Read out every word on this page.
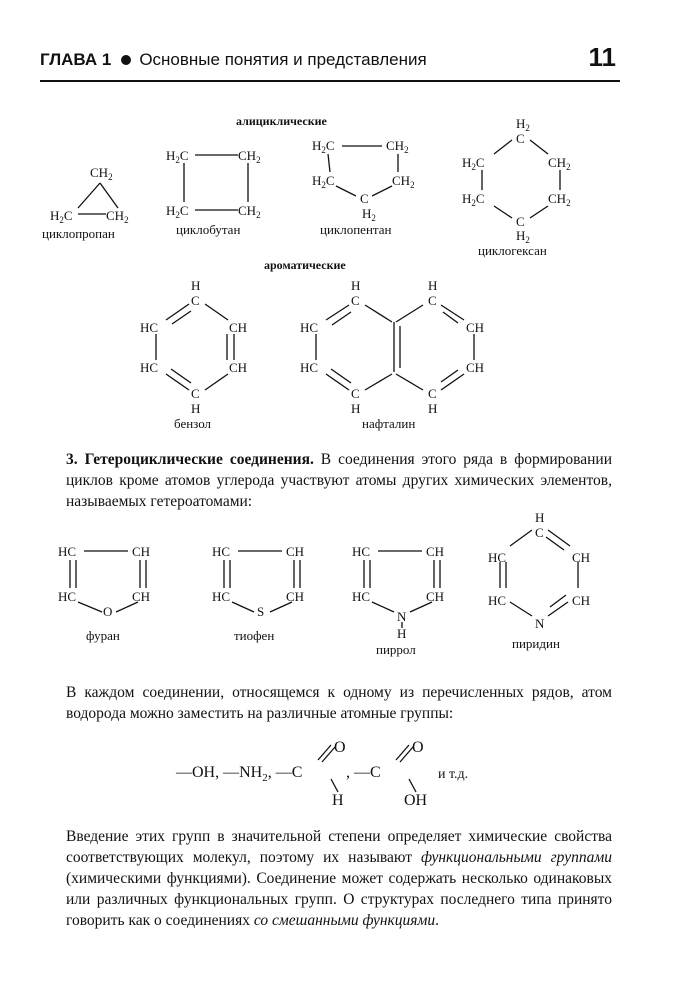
ГЛАВА 1 Основные понятия и представления	11
алициклические
ароматические
$CH_2$
$H_2C$	$CH_2$
$H_2C$	$CH_2$
$H_2C$	$CH_2$
$H_2C$	$CH_2$
$H_2C$	$CH_2$
C
$H_2$
$H_2$
C
$H_2C$	$CH_2$
$H_2C$	$CH_2$
C
$H_2$
H
C
HC	CH
HC	CH
C
H
H
C
H
C
HC	CH
HC	CH
C
H
C
H
HC	CH
HC	CH
O
HC	CH
HC	CH
S
HC	CH
HC	CH
N
H
H
C
HC	CH
HC	CH
N
—OH, $—NH_2$, —C
O
H
, —C
O
OH
циклопропан	циклобутан	циклопентан
циклогексан
бензол	нафталин
фуран	тиофен
пиррол	пиридин
3. Гетероциклические соединения. В соединения этого ряда в формировании циклов кроме атомов углерода участвуют атомы других химических элементов, называемых гетероатомами:
В каждом соединении, относящемся к одному из перечисленных рядов, атом водорода можно заместить на различные атомные группы:
и т.д.
Введение этих групп в значительной степени определяет химические свойства соответствующих молекул, поэтому их называют функциональными группами (химическими функциями). Соединение может содержать несколько одинаковых или различных функциональных групп. О структурах последнего типа принято говорить как о соединениях со смешанными функциями.
